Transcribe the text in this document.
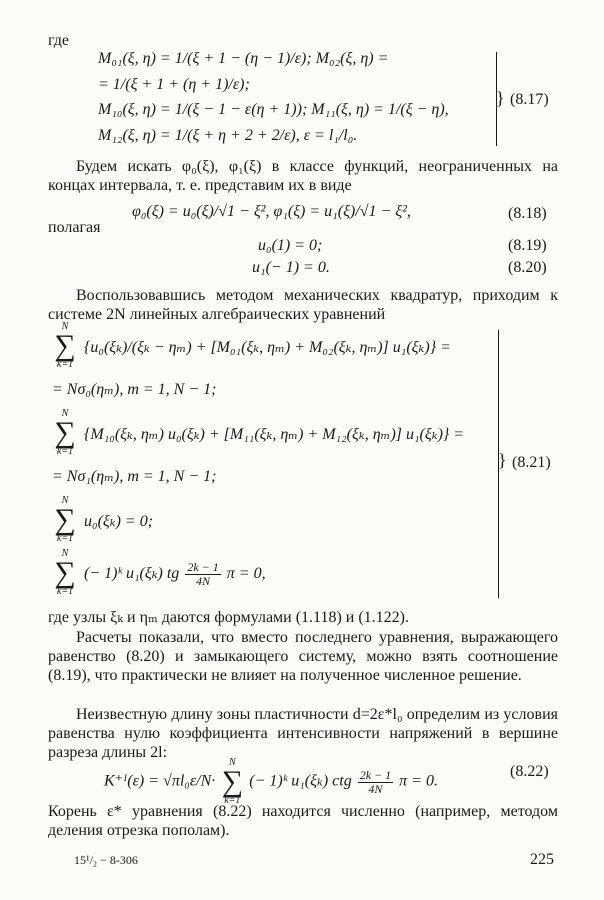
где
M₀₁(ξ, η) = 1/(ξ + 1 − (η − 1)/ε); M₀₂(ξ, η) =
= 1/(ξ + 1 + (η + 1)/ε);
M₁₀(ξ, η) = 1/(ξ − 1 − ε(η + 1)); M₁₁(ξ, η) = 1/(ξ − η),
M₁₂(ξ, η) = 1/(ξ + η + 2 + 2/ε), ε = l₁/l₀.
} (8.17)
Будем искать φ₀(ξ), φ₁(ξ) в классе функций, неограниченных на концах интервала, т. е. представим их в виде
φ₀(ξ) = u₀(ξ)/√1 − ξ², φ₁(ξ) = u₁(ξ)/√1 − ξ²,	(8.18)
полагая
u₀(1) = 0;	(8.19)
u₁(− 1) = 0.	(8.20)
Воспользовавшись методом механических квадратур, приходим к системе 2N линейных алгебраических уравнений
N
∑
k=1
{u₀(ξₖ)/(ξₖ − ηₘ) + [M₀₁(ξₖ, ηₘ) + M₀₂(ξₖ, ηₘ)] u₁(ξₖ)} =
= Nσ₀(ηₘ), m = 1, N − 1;
N
∑
k=1
{M₁₀(ξₖ, ηₘ) u₀(ξₖ) + [M₁₁(ξₖ, ηₘ) + M₁₂(ξₖ, ηₘ)] u₁(ξₖ)} =
= Nσ₁(ηₘ), m = 1, N − 1;
N
∑
k=1
u₀(ξₖ) = 0;
N
∑
k=1
(− 1)ᵏ u₁(ξₖ) tg $\frac{2k - 1}{4N}$ π = 0,
} (8.21)
где узлы ξₖ и ηₘ даются формулами (1.118) и (1.122).
Расчеты показали, что вместо последнего уравнения, выражающего равенство (8.20) и замыкающего систему, можно взять соотношение (8.19), что практически не влияет на полученное численное решение.
Неизвестную длину зоны пластичности d=2ε*l₀ определим из условия равенства нулю коэффициента интенсивности напряжений в вершине разреза длины 2l:
K⁺ᴵ(ε) = √πl₀ε/N·
N
∑
k=1
(− 1)ᵏ u₁(ξₖ) ctg $\frac{2k - 1}{4N}$ π = 0.
(8.22)
Корень ε* уравнения (8.22) находится численно (например, методом деления отрезка пополам).
15¹/₂ − 8-306	225
